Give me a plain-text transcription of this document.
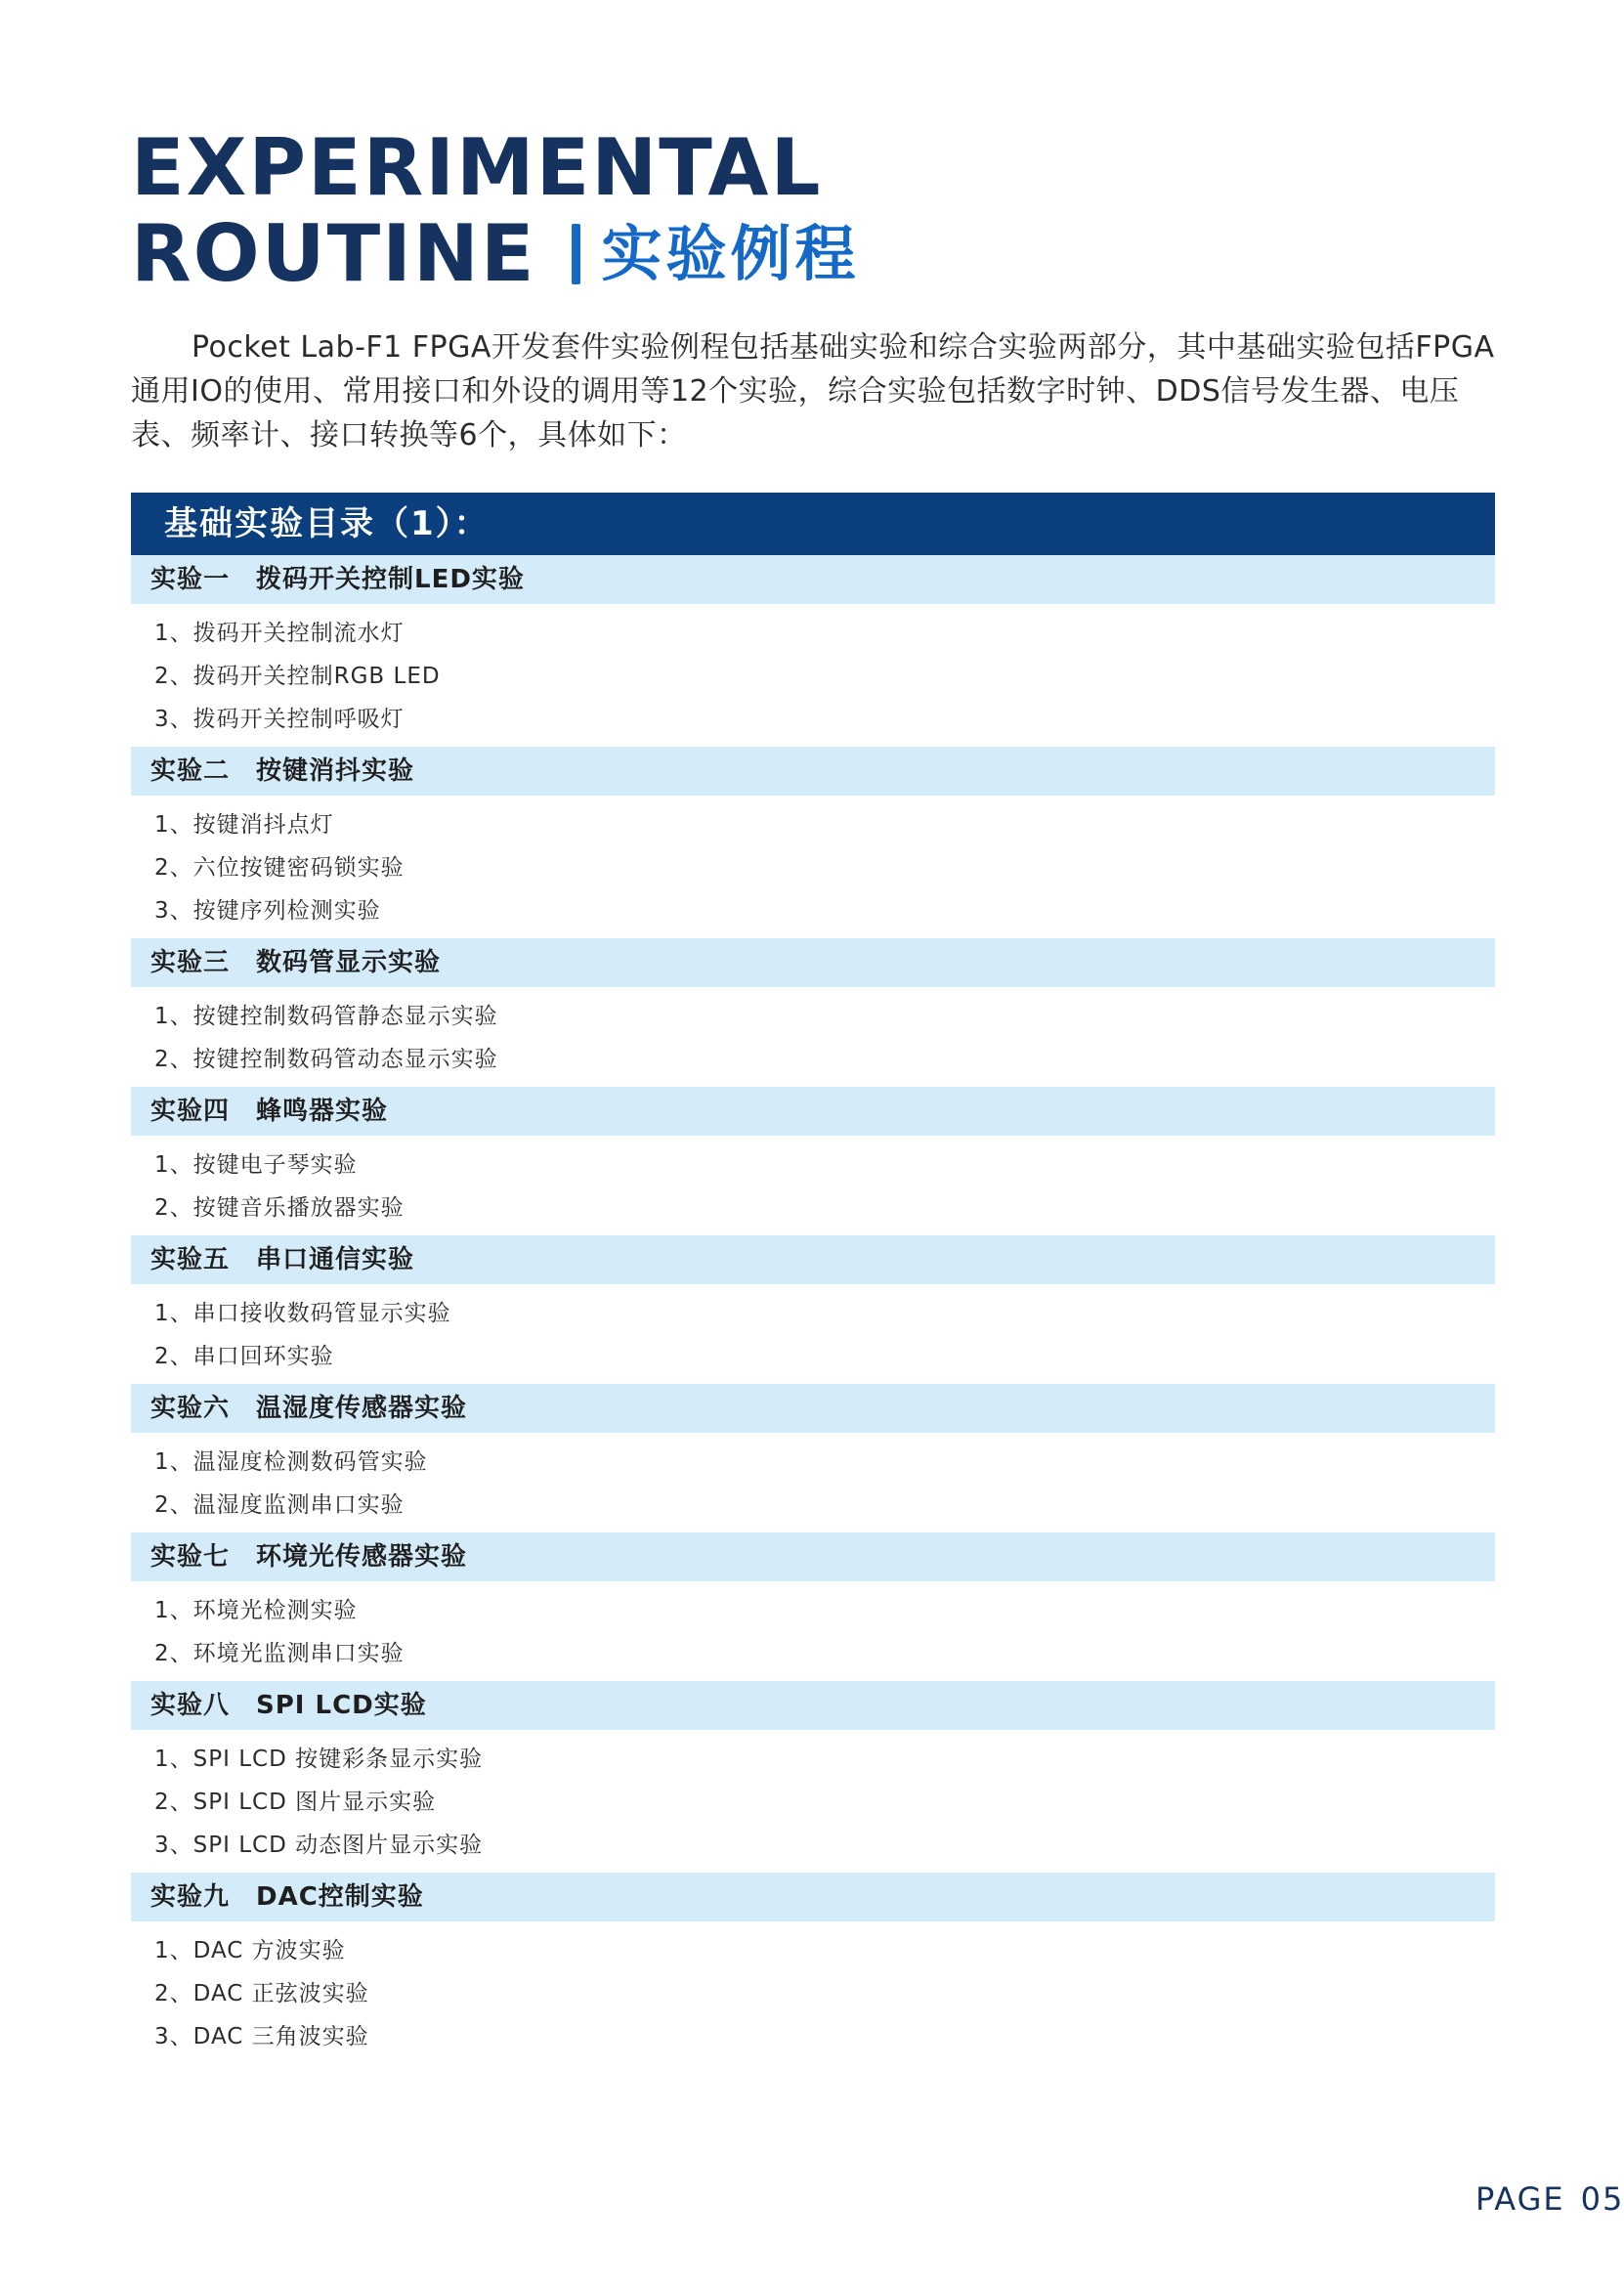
EXPERIMENTAL
ROUTINE 实验例程

Pocket Lab-F1 FPGA开发套件实验例程包括基础实验和综合实验两部分，其中基础实验包括FPGA通用IO的使用、常用接口和外设的调用等12个实验，综合实验包括数字时钟、DDS信号发生器、电压表、频率计、接口转换等6个，具体如下：

基础实验目录（1）：
实验一　拨码开关控制LED实验
1、拨码开关控制流水灯
2、拨码开关控制RGB LED
3、拨码开关控制呼吸灯
实验二　按键消抖实验
1、按键消抖点灯
2、六位按键密码锁实验
3、按键序列检测实验
实验三　数码管显示实验
1、按键控制数码管静态显示实验
2、按键控制数码管动态显示实验
实验四　蜂鸣器实验
1、按键电子琴实验
2、按键音乐播放器实验
实验五　串口通信实验
1、串口接收数码管显示实验
2、串口回环实验
实验六　温湿度传感器实验
1、温湿度检测数码管实验
2、温湿度监测串口实验
实验七　环境光传感器实验
1、环境光检测实验
2、环境光监测串口实验
实验八　SPI LCD实验
1、SPI LCD 按键彩条显示实验
2、SPI LCD 图片显示实验
3、SPI LCD 动态图片显示实验
实验九　DAC控制实验
1、DAC 方波实验
2、DAC 正弦波实验
3、DAC 三角波实验
PAGE 05
